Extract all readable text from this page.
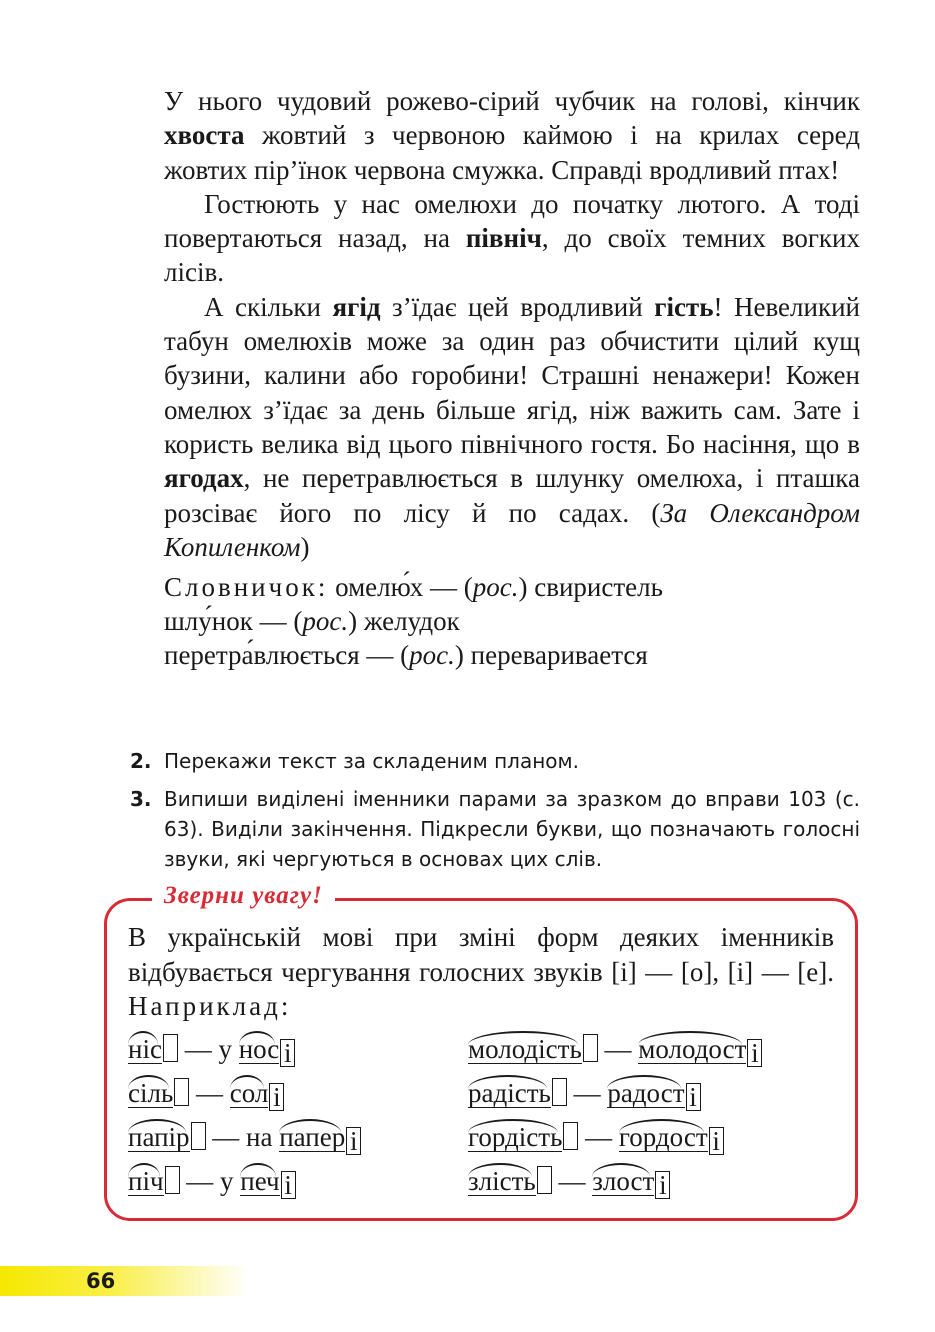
У нього чудовий рожево-сірий чубчик на голові, кінчик хвоста жовтий з червоною каймою і на крилах серед жовтих пір’їнок червона смужка. Справді вродливий птах!

Гостюють у нас омелюхи до початку лютого. А тоді повертаються назад, на північ, до своїх темних вогких лісів.

А скільки ягід з’їдає цей вродливий гість! Невеликий табун омелюхів може за один раз обчистити цілий кущ бузини, калини або горобини! Страшні ненажери! Кожен омелюх з’їдає за день більше ягід, ніж важить сам. Зате і користь велика від цього північного гостя. Бо насіння, що в ягодах, не перетравлюється в шлунку омелюха, і пташка розсіває його по лісу й по садах. (За Олександром Копиленком)

Словничок: омелю́х — (рос.) свиристель

шлу́нок — (рос.) желудок

перетра́влюється — (рос.) переваривается

2. Перекажи текст за складеним планом.
3. Випиши виділені іменники парами за зразком до вправи 103 (с. 63). Виділи закінчення. Підкресли букви, що позначають голосні звуки, які чергуються в основах цих слів.
Зверни увагу!

В українській мові при зміні форм деяких іменників відбувається чергування голосних звуків [і] — [о], [і] — [е]. Наприклад:

ніс — у нос і
сіль — сол і
папір — на папер і
піч — у печ і
молодість — молодост і
радість — радост і
гордість — гордост і
злість — злост і
66
